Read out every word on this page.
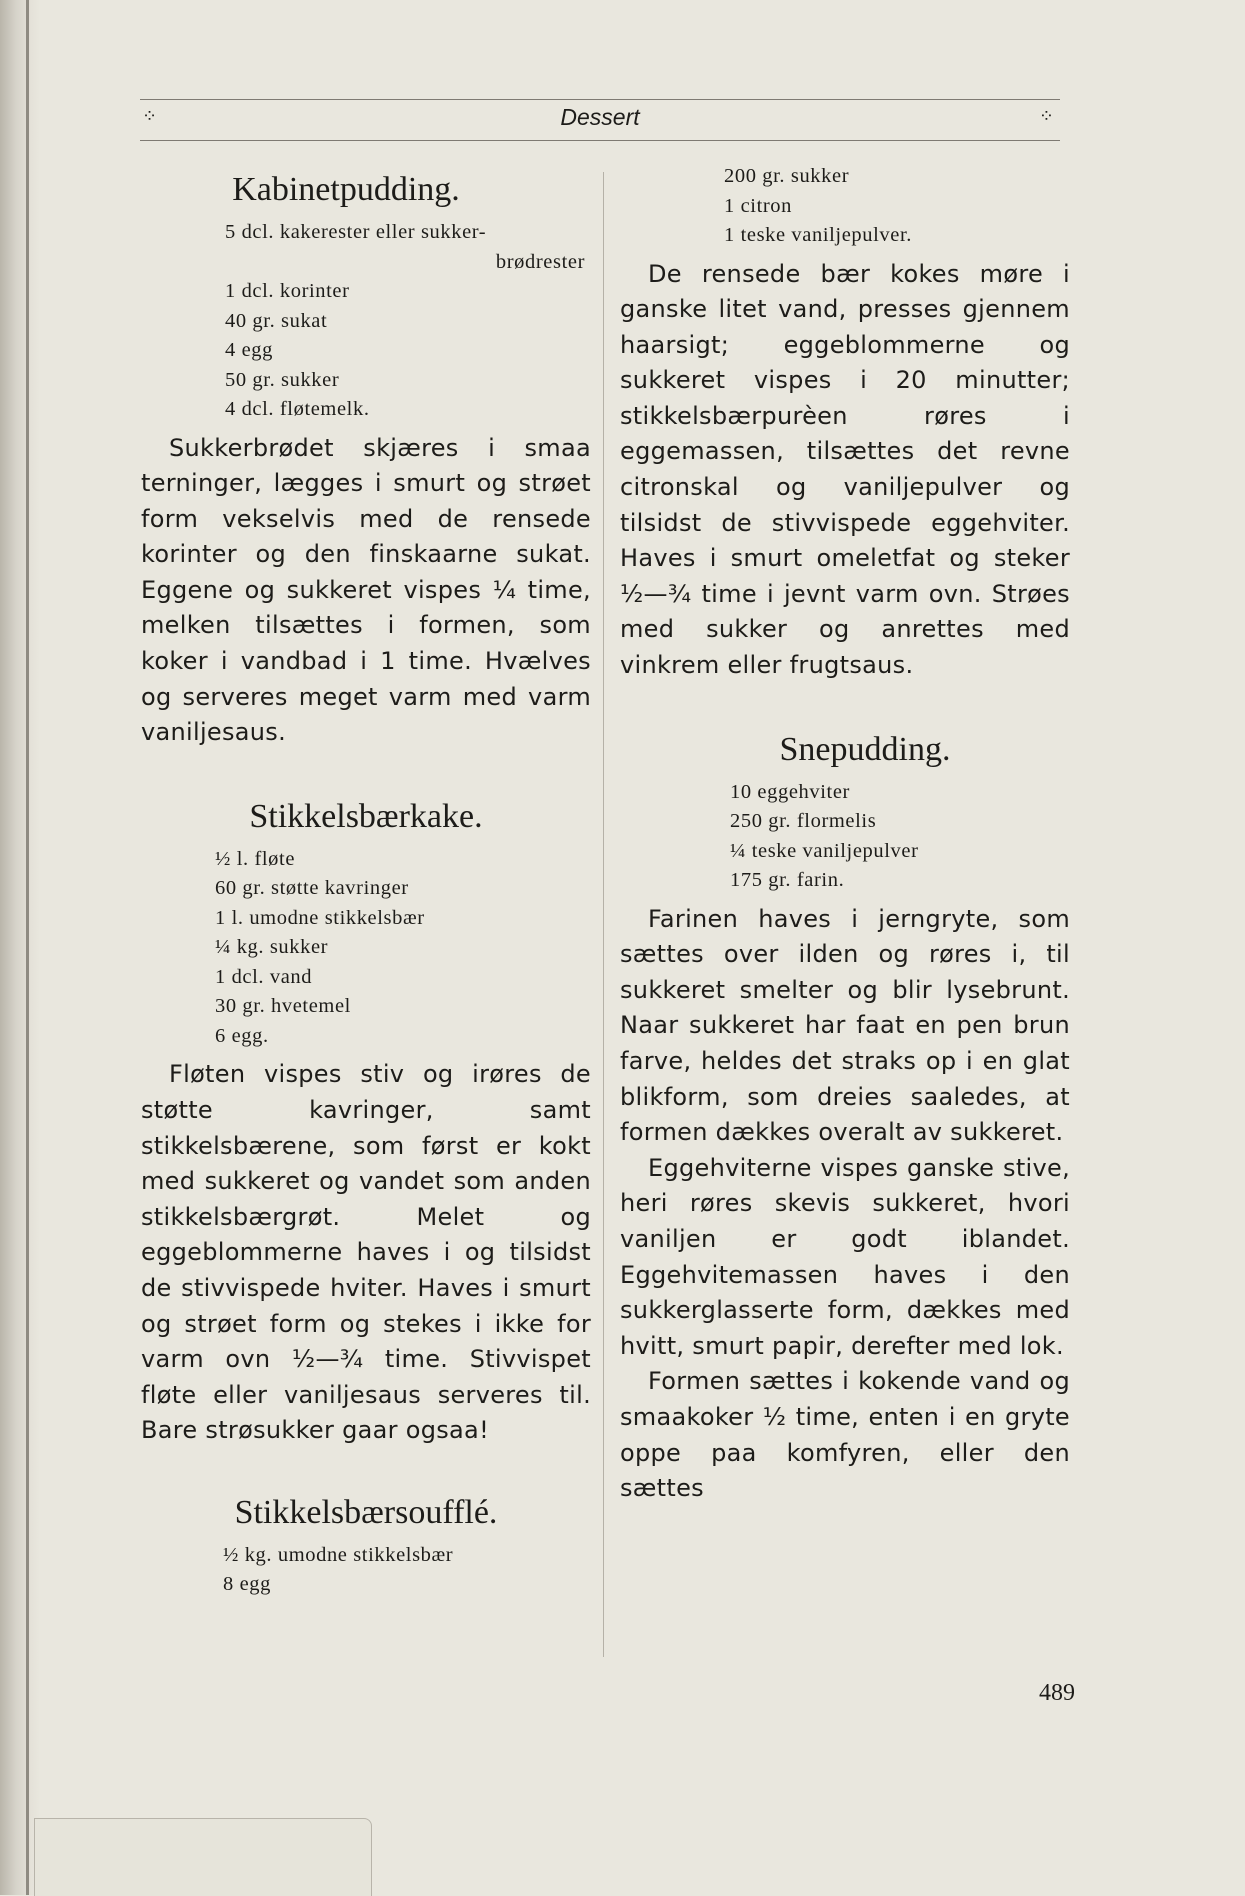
⁘	Dessert	⁘
Kabinetpudding.
5 dcl. kakerester eller sukker-
brødrester
1 dcl. korinter
40 gr. sukat
4 egg
50 gr. sukker
4 dcl. fløtemelk.

Sukkerbrødet skjæres i smaa terninger, lægges i smurt og strøet form vekselvis med de rensede korinter og den finskaarne sukat. Eggene og sukkeret vispes ¼ time, melken tilsættes i formen, som koker i vandbad i 1 time. Hvælves og serveres meget varm med varm vaniljesaus.

Stikkelsbærkake.
½ l. fløte
60 gr. støtte kavringer
1 l. umodne stikkelsbær
¼ kg. sukker
1 dcl. vand
30 gr. hvetemel
6 egg.

Fløten vispes stiv og irøres de støtte kavringer, samt stikkelsbærene, som først er kokt med sukkeret og vandet som anden stikkelsbærgrøt. Melet og eggeblommerne haves i og tilsidst de stivvispede hviter. Haves i smurt og strøet form og stekes i ikke for varm ovn ½—¾ time. Stivvispet fløte eller vaniljesaus serveres til. Bare strøsukker gaar ogsaa!

Stikkelsbærsoufflé.
½ kg. umodne stikkelsbær
8 egg
200 gr. sukker
1 citron
1 teske vaniljepulver.

De rensede bær kokes møre i ganske litet vand, presses gjennem haarsigt; eggeblommerne og sukkeret vispes i 20 minutter; stikkelsbærpurèen røres i eggemassen, tilsættes det revne citronskal og vaniljepulver og tilsidst de stivvispede eggehviter. Haves i smurt omeletfat og steker ½—¾ time i jevnt varm ovn. Strøes med sukker og anrettes med vinkrem eller frugtsaus.

Snepudding.
10 eggehviter
250 gr. flormelis
¼ teske vaniljepulver
175 gr. farin.

Farinen haves i jerngryte, som sættes over ilden og røres i, til sukkeret smelter og blir lysebrunt. Naar sukkeret har faat en pen brun farve, heldes det straks op i en glat blikform, som dreies saaledes, at formen dækkes overalt av sukkeret.

Eggehviterne vispes ganske stive, heri røres skevis sukkeret, hvori vaniljen er godt iblandet. Eggehvitemassen haves i den sukkerglasserte form, dækkes med hvitt, smurt papir, derefter med lok.

Formen sættes i kokende vand og smaakoker ½ time, enten i en gryte oppe paa komfyren, eller den sættes

489
